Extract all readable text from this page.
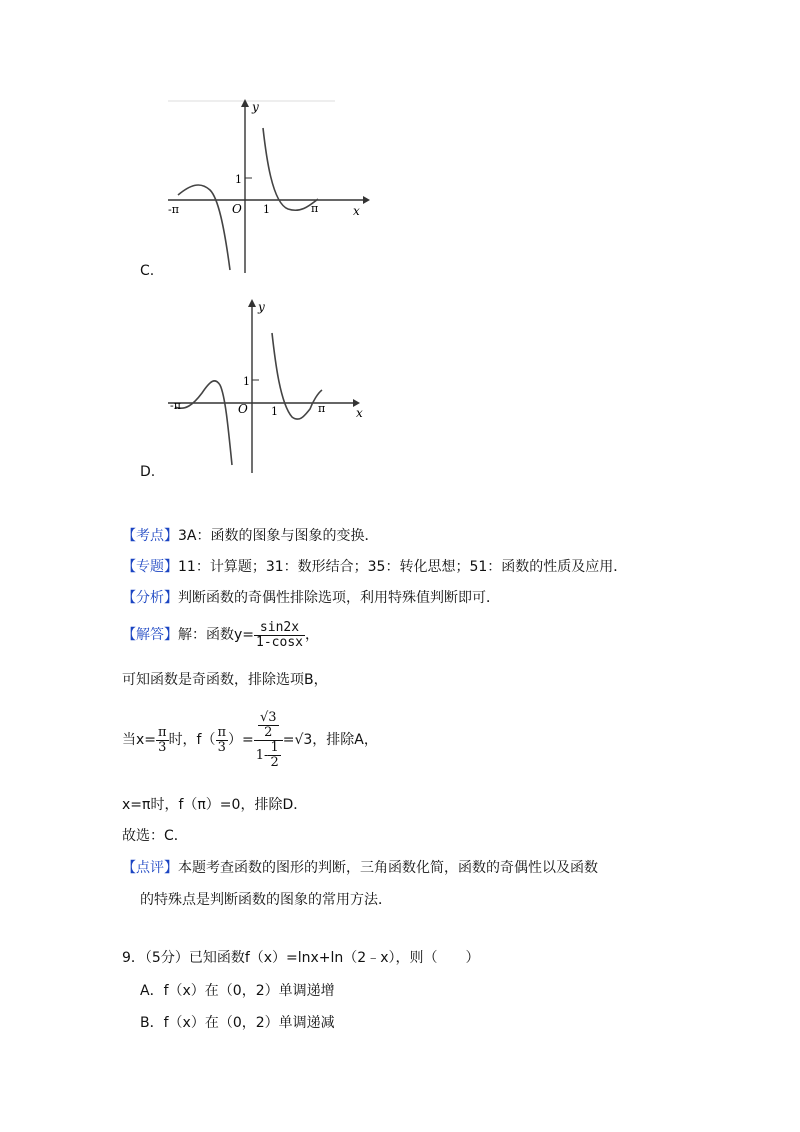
y
x
O
1
1
-π	π
C.
y
x
O
1
1
-π	π
D.
【考点】3A：函数的图象与图象的变换．
【专题】11：计算题；31：数形结合；35：转化思想；51：函数的性质及应用．
【分析】判断函数的奇偶性排除选项，利用特殊值判断即可．
【解答】解：函数$y= \frac{\sin 2x}{1-\cos x}$ ，
可知函数是奇函数，排除选项B，
当$x= \frac{\pi}{3}$ 时，$f( \frac{\pi}{3}$ ）= $\frac{\frac{√3}{2}}{1- \frac{1}{2}} =√3$，排除A，
x=π时，f（π）=0，排除D．
故选：C．
【点评】本题考查函数的图形的判断，三角函数化简，函数的奇偶性以及函数
的特殊点是判断函数的图象的常用方法．
9．（5分）已知函数f（x）=lnx+ln（2﹣x），则（　　）
A．f（x）在（0，2）单调递增
B．f（x）在（0，2）单调递减
